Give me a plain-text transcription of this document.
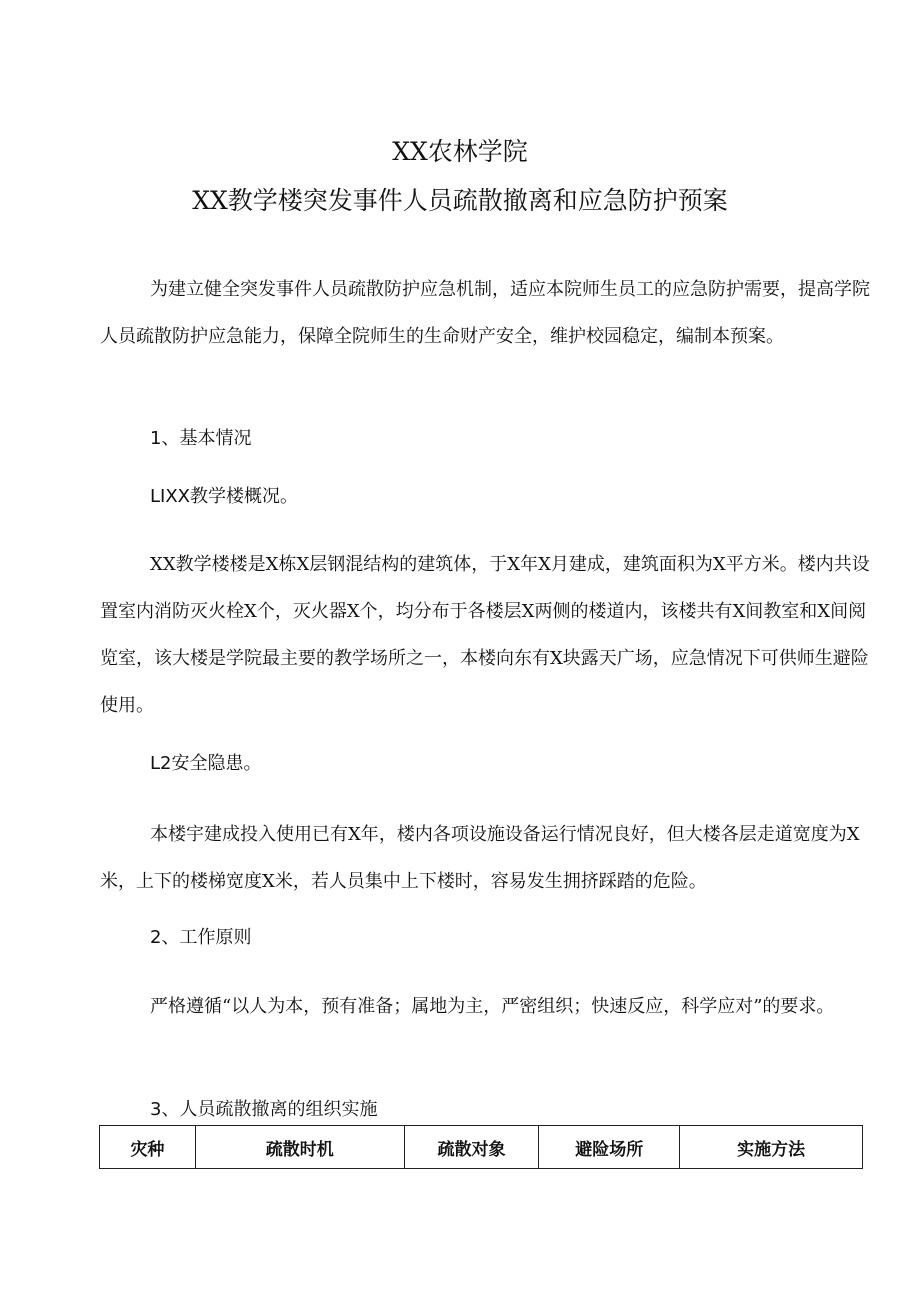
XX农林学院
XX教学楼突发事件人员疏散撤离和应急防护预案
为建立健全突发事件人员疏散防护应急机制，适应本院师生员工的应急防护需要，提高学院人员疏散防护应急能力，保障全院师生的生命财产安全，维护校园稳定，编制本预案。
1、基本情况
LIXX教学楼概况。
XX教学楼楼是X栋X层钢混结构的建筑体，于X年X月建成，建筑面积为X平方米。楼内共设置室内消防灭火栓X个，灭火器X个，均分布于各楼层X两侧的楼道内，该楼共有X间教室和X间阅览室，该大楼是学院最主要的教学场所之一，本楼向东有X块露天广场，应急情况下可供师生避险使用。
L2安全隐患。
本楼宇建成投入使用已有X年，楼内各项设施设备运行情况良好，但大楼各层走道宽度为X米，上下的楼梯宽度X米，若人员集中上下楼时，容易发生拥挤踩踏的危险。
2、工作原则
严格遵循“以人为本，预有准备；属地为主，严密组织；快速反应，科学应对”的要求。
3、人员疏散撤离的组织实施
灾种	疏散时机	疏散对象	避险场所	实施方法
